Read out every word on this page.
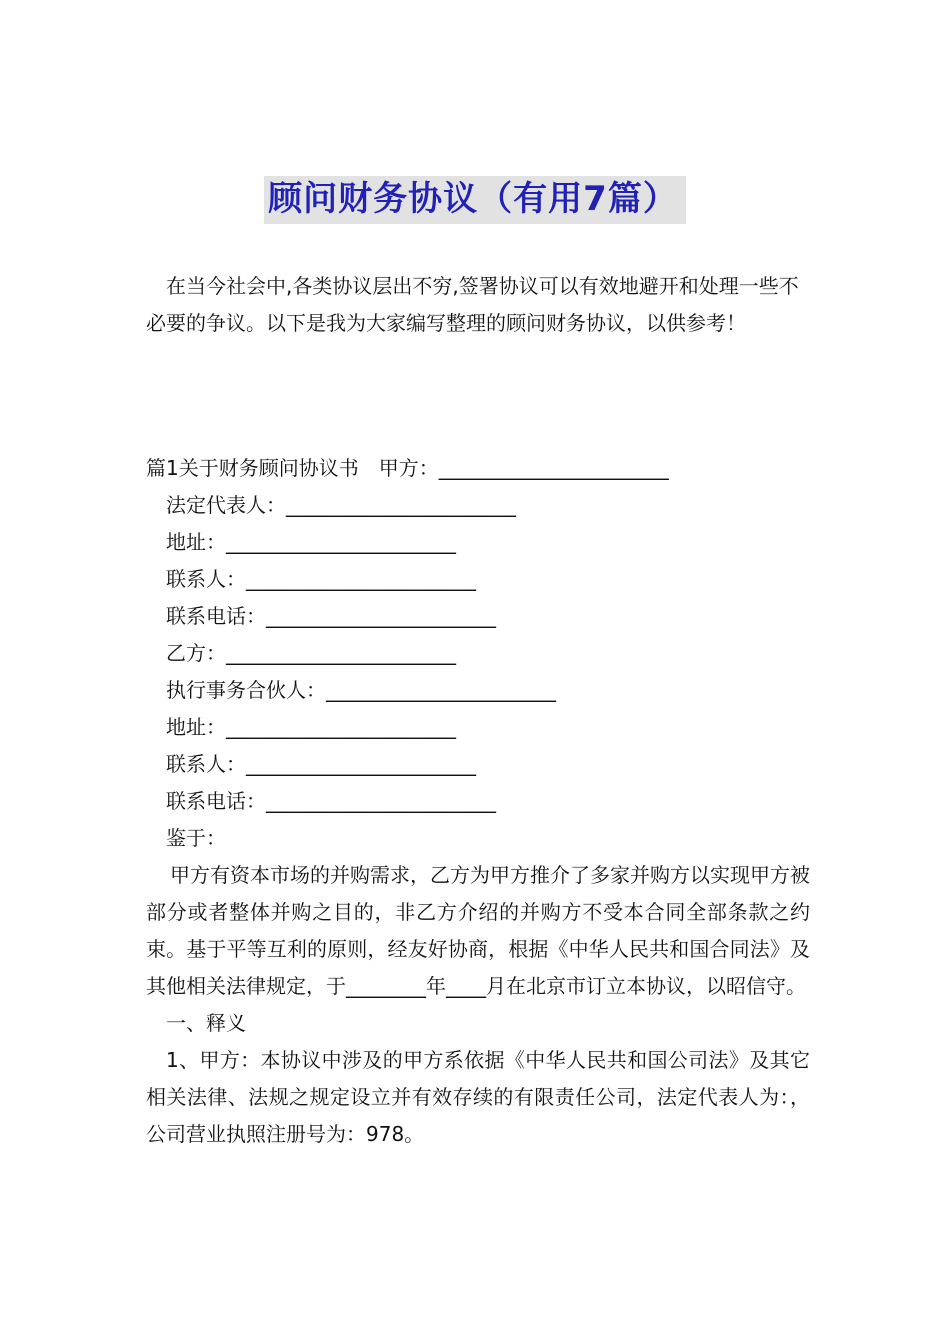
顾问财务协议（有用7篇）

在当今社会中,各类协议层出不穷,签署协议可以有效地避开和处理一些不必要的争议。以下是我为大家编写整理的顾问财务协议，以供参考！

篇1关于财务顾问协议书　甲方：_______________________
法定代表人：_______________________
地址：_______________________
联系人：_______________________
联系电话：_______________________
乙方：_______________________
执行事务合伙人：_______________________
地址：_______________________
联系人：_______________________
联系电话：_______________________
鉴于：

甲方有资本市场的并购需求，乙方为甲方推介了多家并购方以实现甲方被部分或者整体并购之目的，非乙方介绍的并购方不受本合同全部条款之约束。基于平等互利的原则，经友好协商，根据《中华人民共和国合同法》及其他相关法律规定，于________年____月在北京市订立本协议，以昭信守。

一、释义

1、甲方：本协议中涉及的甲方系依据《中华人民共和国公司法》及其它相关法律、法规之规定设立并有效存续的有限责任公司，法定代表人为：，公司营业执照注册号为：978。
